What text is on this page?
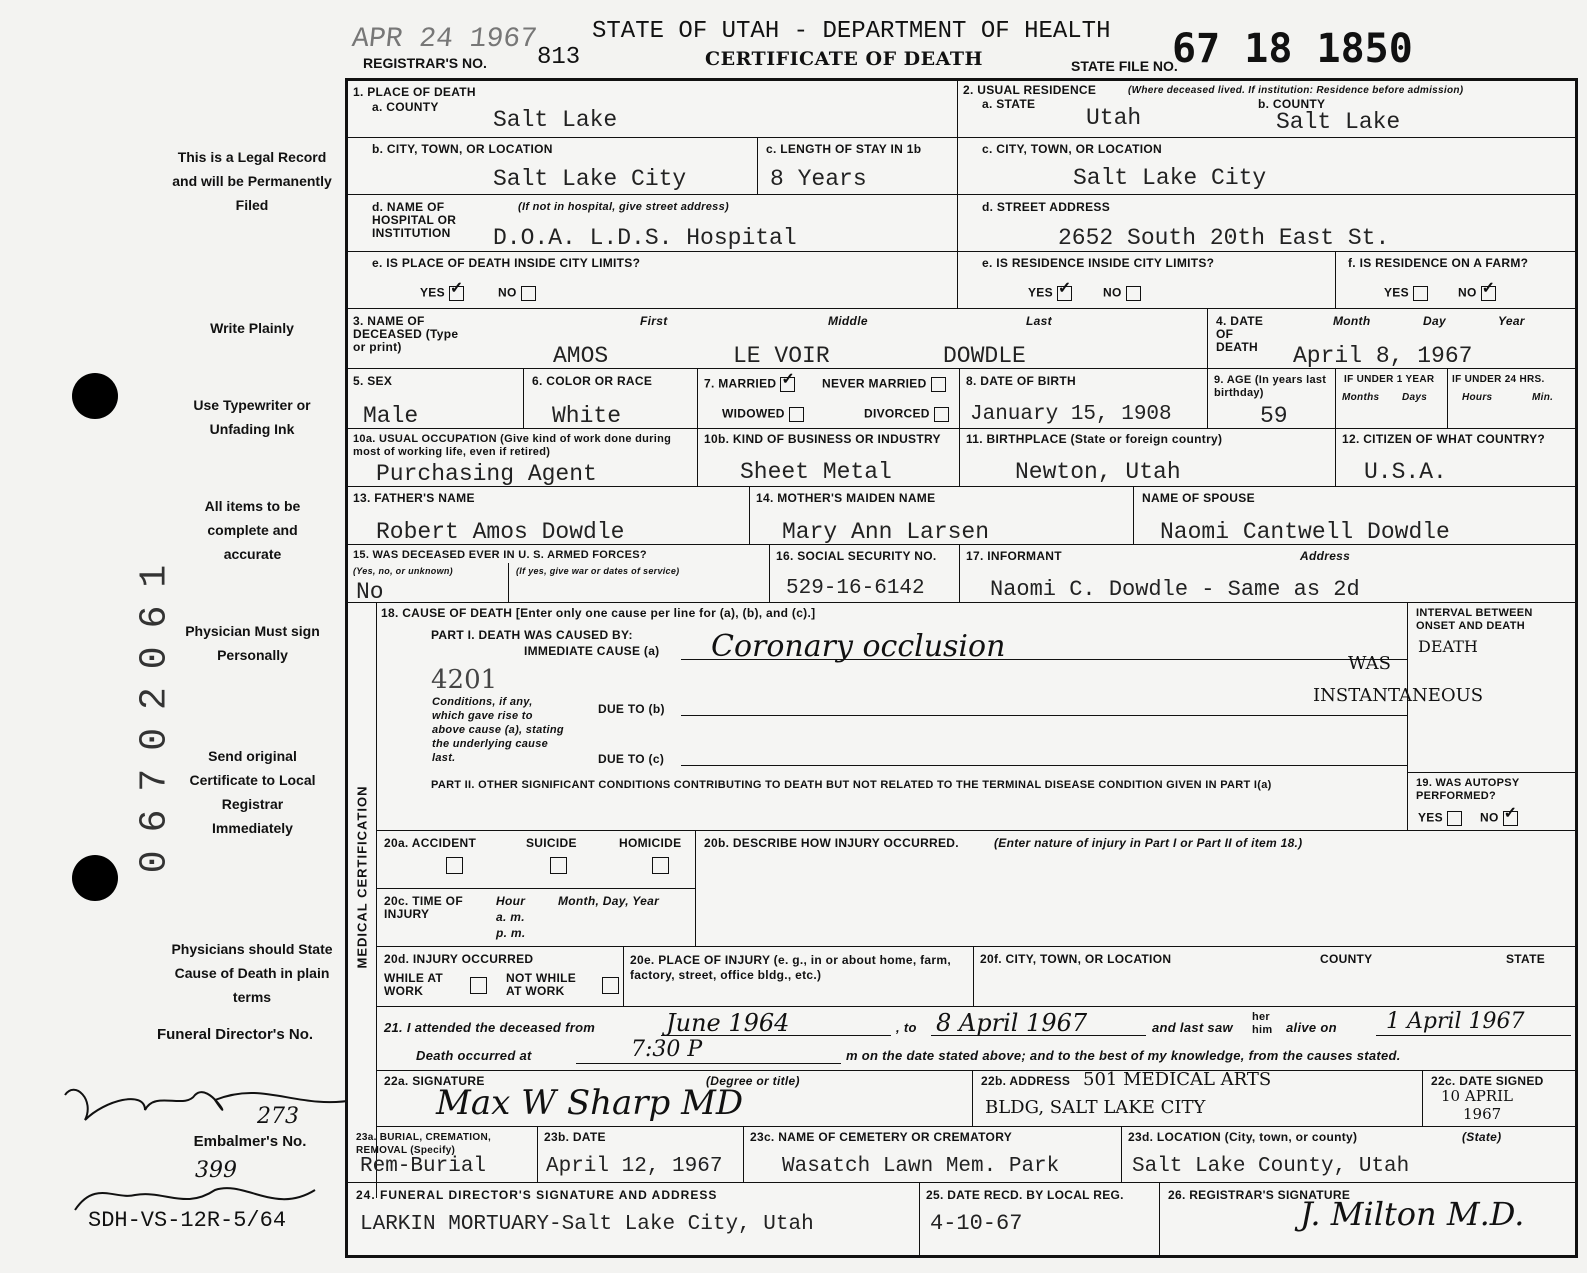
APR 24 1967
REGISTRAR'S NO. 813
STATE OF UTAH - DEPARTMENT OF HEALTH
CERTIFICATE OF DEATH	STATE FILE NO.
67 18 1850
This is a Legal Record and will be Permanently Filed
Write Plainly
Use Typewriter or Unfading Ink
All items to be complete and accurate
Physician Must sign Personally
Send original Certificate to Local Registrar Immediately
Physicians should State Cause of Death in plain terms
Funeral Director's No.
273
Embalmer's No.
399
SDH-VS-12R-5/64
06702061
1. PLACE OF DEATH
a. COUNTY Salt Lake
2. USUAL RESIDENCE	(Where deceased lived. If institution: Residence before admission)
a. STATE
Utah
b. COUNTY
Salt Lake
b. CITY, TOWN, OR LOCATION
Salt Lake City
c. LENGTH OF STAY IN 1b
8 Years
c. CITY, TOWN, OR LOCATION
Salt Lake City
d. NAME OF HOSPITAL OR INSTITUTION
(If not in hospital, give street address)
D.O.A. L.D.S. Hospital
d. STREET ADDRESS
2652 South 20th East St.
e. IS PLACE OF DEATH INSIDE CITY LIMITS?
YES ✓	NO
e. IS RESIDENCE INSIDE CITY LIMITS?
YES ✓	NO
f. IS RESIDENCE ON A FARM?
YES	NO✓
3. NAME OF DECEASED (Type or print)
First	Middle	Last
AMOS	LE VOIR	DOWDLE
4. DATE OF DEATH
Month	Day	Year
April 8, 1967
5. SEX
Male
6. COLOR OR RACE
White
7. MARRIED ✓	NEVER MARRIED
WIDOWED	DIVORCED
8. DATE OF BIRTH
January 15, 1908
9. AGE (In years last birthday)
59
IF UNDER 1 YEAR
Months Days
IF UNDER 24 HRS.
Hours	Min.
10a. USUAL OCCUPATION (Give kind of work done during most of working life, even if retired)
Purchasing Agent
10b. KIND OF BUSINESS OR INDUSTRY
Sheet Metal
11. BIRTHPLACE (State or foreign country)
Newton, Utah
12. CITIZEN OF WHAT COUNTRY?
U.S.A.
13. FATHER'S NAME
Robert Amos Dowdle
14. MOTHER'S MAIDEN NAME
Mary Ann Larsen
NAME OF SPOUSE
Naomi Cantwell Dowdle
15. WAS DECEASED EVER IN U. S. ARMED FORCES?
(Yes, no, or unknown)	(If yes, give war or dates of service)
No
16. SOCIAL SECURITY NO.
529-16-6142
17. INFORMANT	Address
Naomi C. Dowdle - Same as 2d
MEDICAL CERTIFICATION
18. CAUSE OF DEATH [Enter only one cause per line for (a), (b), and (c).]
PART I. DEATH WAS CAUSED BY:
IMMEDIATE CAUSE (a) Coronary occlusion
4201
Conditions, if any, which gave rise to above cause (a), stating the underlying cause last.
DUE TO (b)
DUE TO (c)
WAS
INSTANTANEOUS
INTERVAL BETWEEN ONSET AND DEATH
DEATH
PART II. OTHER SIGNIFICANT CONDITIONS CONTRIBUTING TO DEATH BUT NOT RELATED TO THE TERMINAL DISEASE CONDITION GIVEN IN PART I(a)	19. WAS AUTOPSY PERFORMED?
YES	NO✓
20a. ACCIDENT	SUICIDE	HOMICIDE 20b. DESCRIBE HOW INJURY OCCURRED.	(Enter nature of injury in Part I or Part II of item 18.)
20c. TIME OF INJURY
Hour
a. m.
p. m.
Month, Day, Year
20d. INJURY OCCURRED
WHILE AT WORK
NOT WHILE AT WORK
20e. PLACE OF INJURY (e. g., in or about home, farm, factory, street, office bldg., etc.)
20f. CITY, TOWN, OR LOCATION	COUNTY	STATE
21. I attended the deceased from	June 1964	, to 8 April 1967	and last saw
her him	alive on 1 April 1967
Death occurred at	7:30 P	m on the date stated above; and to the best of my knowledge, from the causes stated.
22a. SIGNATURE	(Degree or title)
Max W Sharp MD
22b. ADDRESS 501 MEDICAL ARTS
BLDG, SALT LAKE CITY
22c. DATE SIGNED
10 APRIL
1967
23a. BURIAL, CREMATION, REMOVAL (Specify)
Rem-Burial
23b. DATE
April 12, 1967
23c. NAME OF CEMETERY OR CREMATORY
Wasatch Lawn Mem. Park
23d. LOCATION (City, town, or county)	(State)
Salt Lake County, Utah
24. FUNERAL DIRECTOR'S SIGNATURE AND ADDRESS
LARKIN MORTUARY-Salt Lake City, Utah
25. DATE RECD. BY LOCAL REG.
4-10-67
26. REGISTRAR'S SIGNATURE
J. Milton M.D.
